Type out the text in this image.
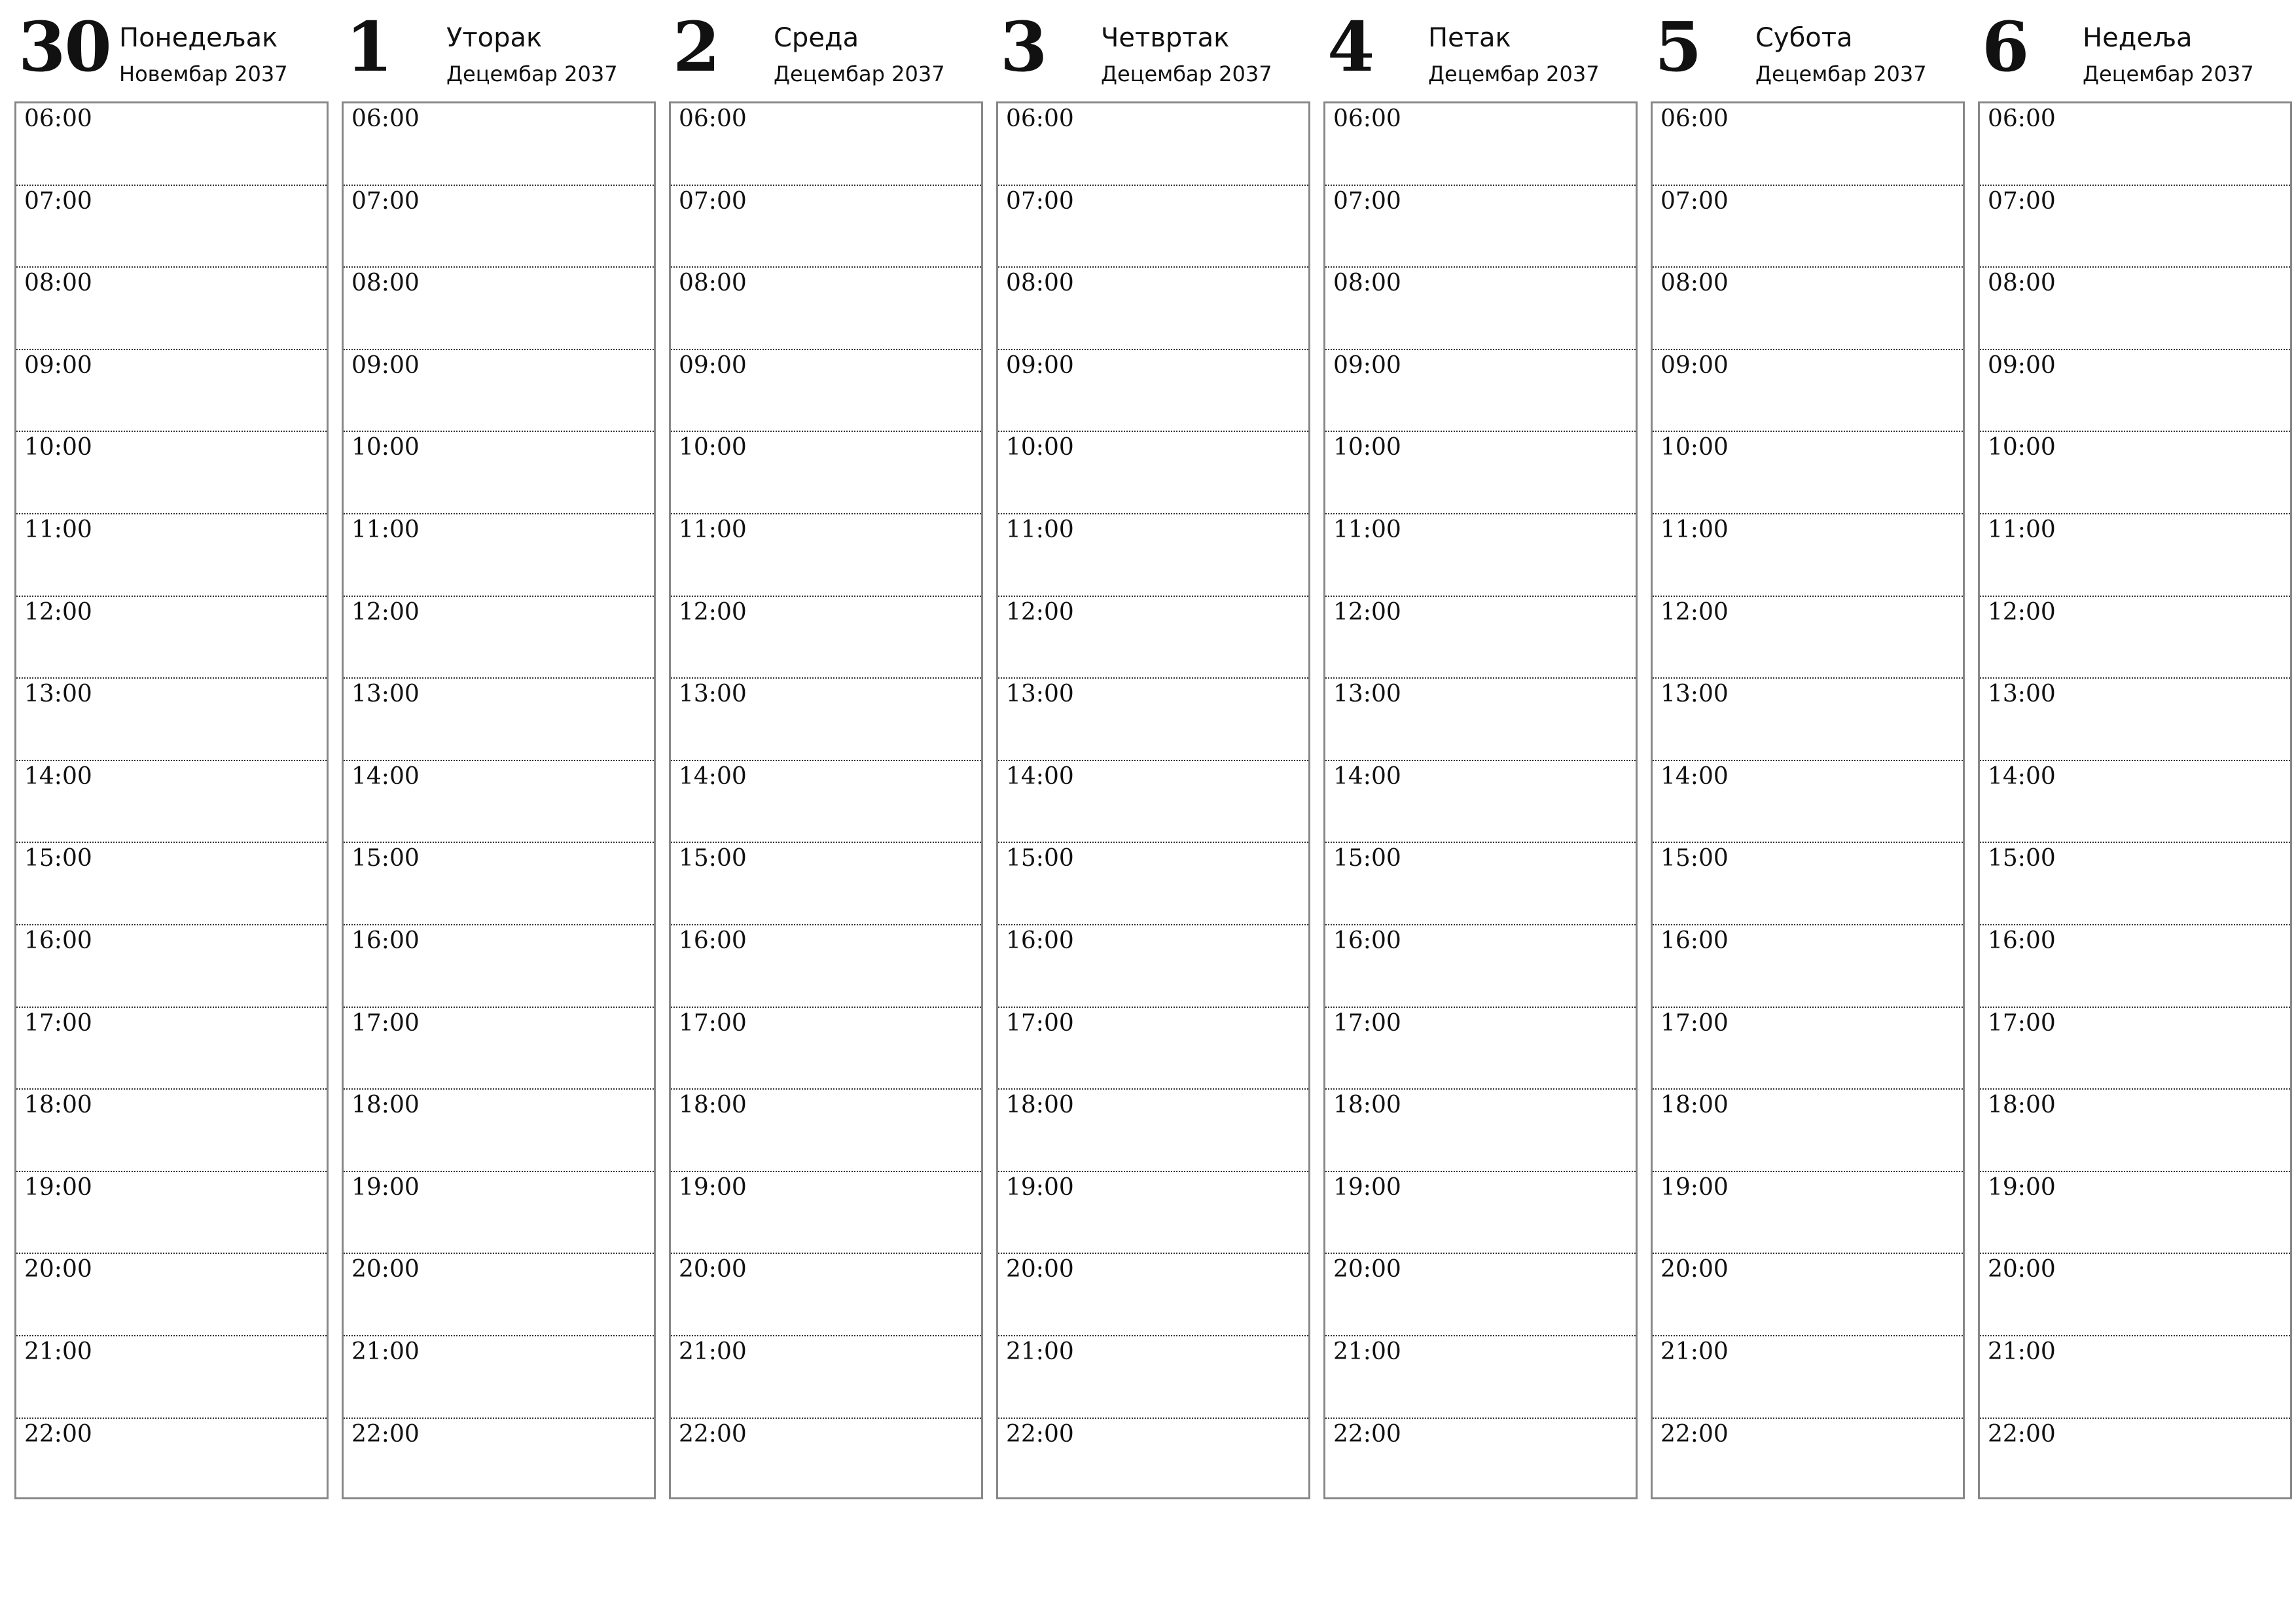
30 Понедељак
Новембар 2037
06:00
07:00
08:00
09:00
10:00
11:00
12:00
13:00
14:00
15:00
16:00
17:00
18:00
19:00
20:00
21:00
22:00
1 Уторак
Децембар 2037
06:00
07:00
08:00
09:00
10:00
11:00
12:00
13:00
14:00
15:00
16:00
17:00
18:00
19:00
20:00
21:00
22:00
2 Среда
Децембар 2037
06:00
07:00
08:00
09:00
10:00
11:00
12:00
13:00
14:00
15:00
16:00
17:00
18:00
19:00
20:00
21:00
22:00
3 Четвртак
Децембар 2037
06:00
07:00
08:00
09:00
10:00
11:00
12:00
13:00
14:00
15:00
16:00
17:00
18:00
19:00
20:00
21:00
22:00
4 Петак
Децембар 2037
06:00
07:00
08:00
09:00
10:00
11:00
12:00
13:00
14:00
15:00
16:00
17:00
18:00
19:00
20:00
21:00
22:00
5 Субота
Децембар 2037
06:00
07:00
08:00
09:00
10:00
11:00
12:00
13:00
14:00
15:00
16:00
17:00
18:00
19:00
20:00
21:00
22:00
6 Недеља
Децембар 2037
06:00
07:00
08:00
09:00
10:00
11:00
12:00
13:00
14:00
15:00
16:00
17:00
18:00
19:00
20:00
21:00
22:00
